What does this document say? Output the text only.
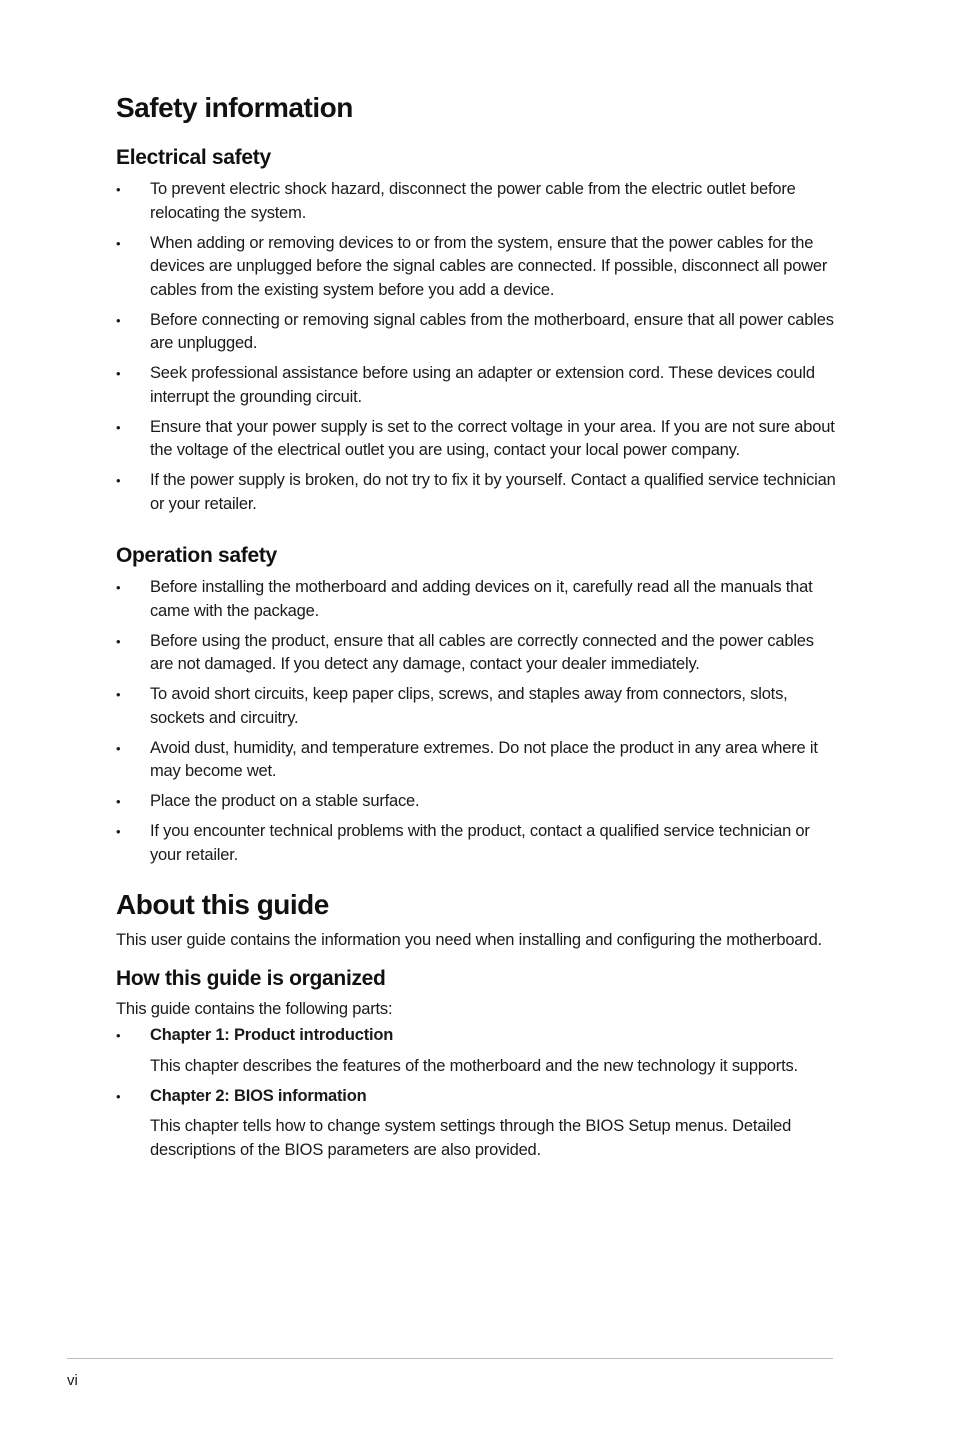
Safety information
Electrical safety
•	To prevent electric shock hazard, disconnect the power cable from the electric outlet before relocating the system.
•	When adding or removing devices to or from the system, ensure that the power cables for the devices are unplugged before the signal cables are connected. If possible, disconnect all power cables from the existing system before you add a device.
•	Before connecting or removing signal cables from the motherboard, ensure that all power cables are unplugged.
•	Seek professional assistance before using an adapter or extension cord. These devices could interrupt the grounding circuit.
•	Ensure that your power supply is set to the correct voltage in your area. If you are not sure about the voltage of the electrical outlet you are using, contact your local power company.
•	If the power supply is broken, do not try to fix it by yourself. Contact a qualified service technician or your retailer.
Operation safety
•	Before installing the motherboard and adding devices on it, carefully read all the manuals that came with the package.
•	Before using the product, ensure that all cables are correctly connected and the power cables are not damaged. If you detect any damage, contact your dealer immediately.
•	To avoid short circuits, keep paper clips, screws, and staples away from connectors, slots, sockets and circuitry.
•	Avoid dust, humidity, and temperature extremes. Do not place the product in any area where it may become wet.
•	Place the product on a stable surface.
•	If you encounter technical problems with the product, contact a qualified service technician or your retailer.
About this guide

This user guide contains the information you need when installing and configuring the motherboard.

How this guide is organized

This guide contains the following parts:

•	Chapter 1: Product introduction
This chapter describes the features of the motherboard and the new technology it supports.
•	Chapter 2: BIOS information
This chapter tells how to change system settings through the BIOS Setup menus. Detailed descriptions of the BIOS parameters are also provided.
vi
